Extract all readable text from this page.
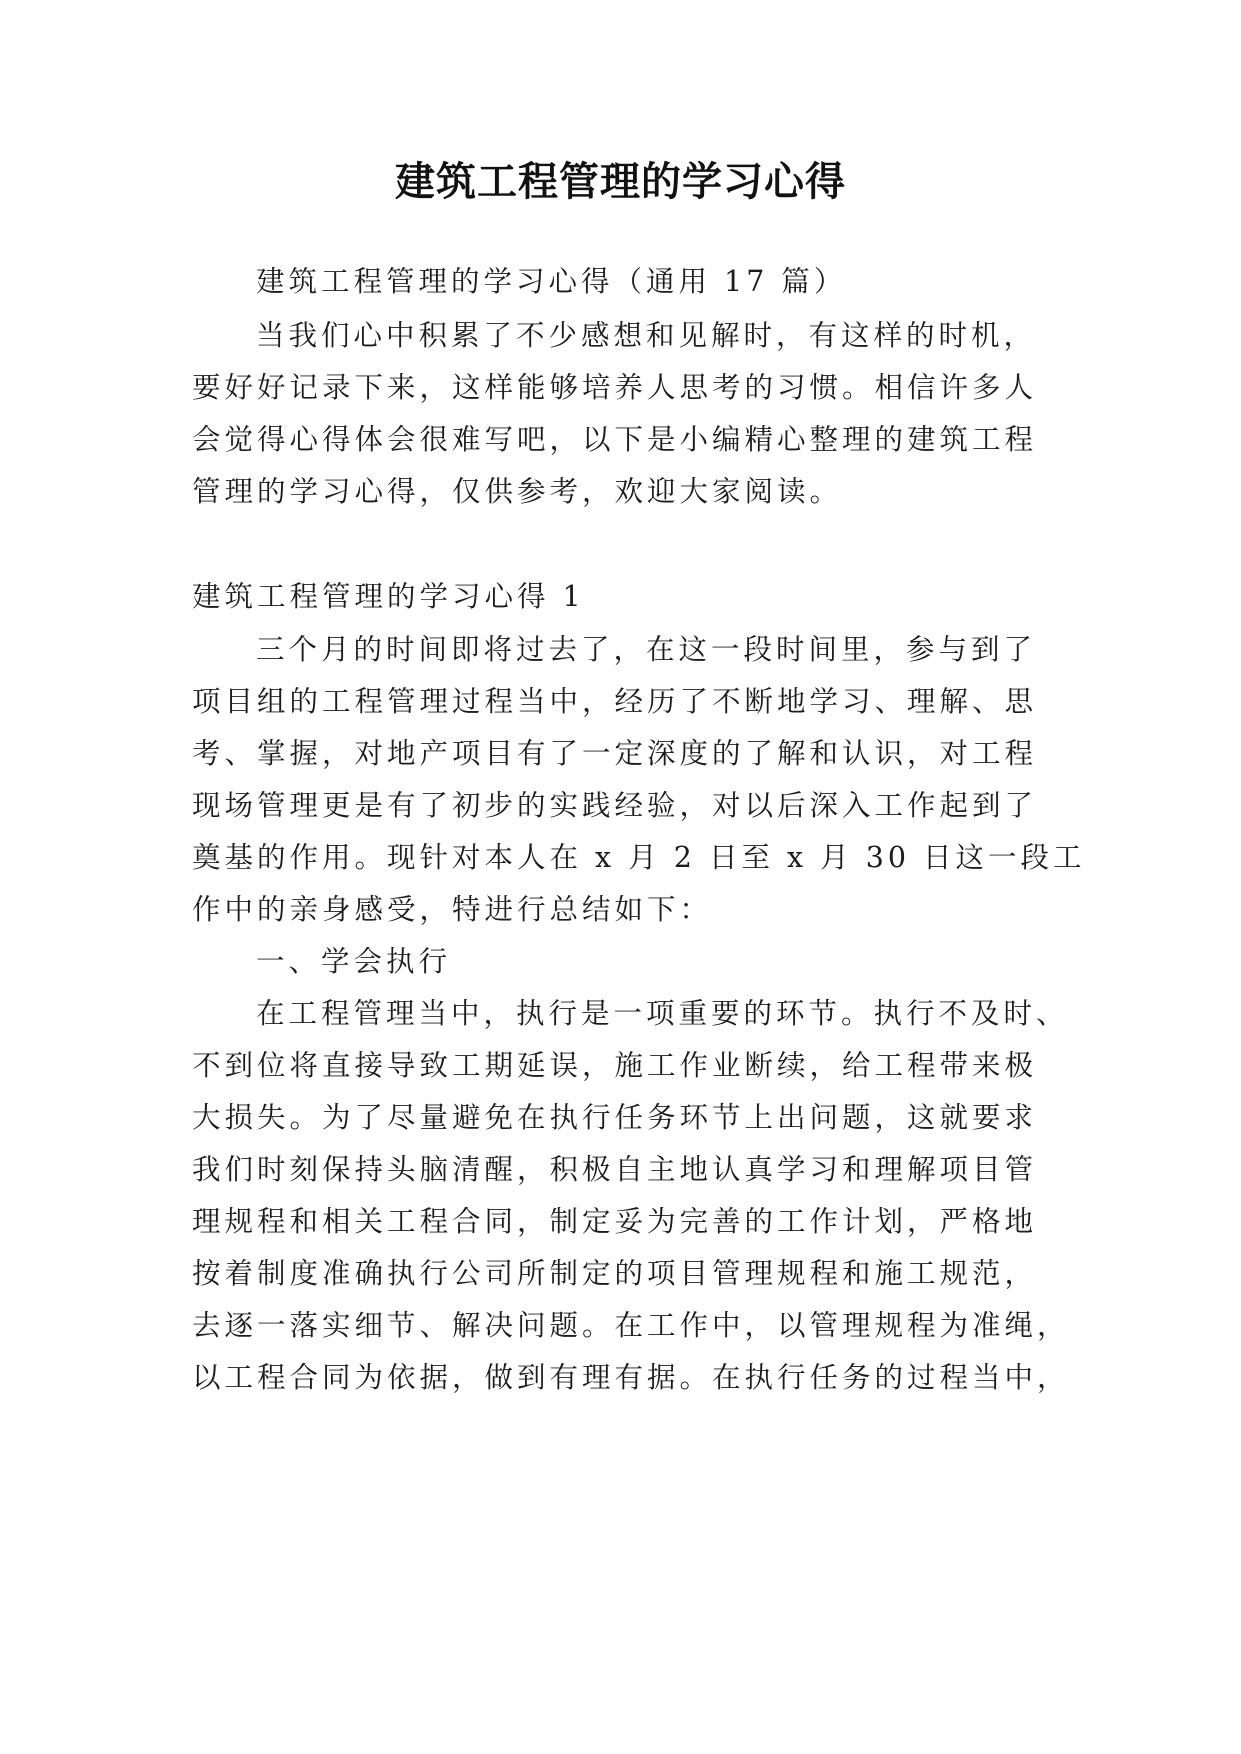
建筑工程管理的学习心得
建筑工程管理的学习心得（通用 17 篇）
当我们心中积累了不少感想和见解时，有这样的时机，
要好好记录下来，这样能够培养人思考的习惯。相信许多人
会觉得心得体会很难写吧，以下是小编精心整理的建筑工程
管理的学习心得，仅供参考，欢迎大家阅读。
建筑工程管理的学习心得 1
三个月的时间即将过去了，在这一段时间里，参与到了
项目组的工程管理过程当中，经历了不断地学习、理解、思
考、掌握，对地产项目有了一定深度的了解和认识，对工程
现场管理更是有了初步的实践经验，对以后深入工作起到了
奠基的作用。现针对本人在 x 月 2 日至 x 月 30 日这一段工
作中的亲身感受，特进行总结如下：
一、学会执行
在工程管理当中，执行是一项重要的环节。执行不及时、
不到位将直接导致工期延误，施工作业断续，给工程带来极
大损失。为了尽量避免在执行任务环节上出问题，这就要求
我们时刻保持头脑清醒，积极自主地认真学习和理解项目管
理规程和相关工程合同，制定妥为完善的工作计划，严格地
按着制度准确执行公司所制定的项目管理规程和施工规范，
去逐一落实细节、解决问题。在工作中，以管理规程为准绳，
以工程合同为依据，做到有理有据。在执行任务的过程当中，
